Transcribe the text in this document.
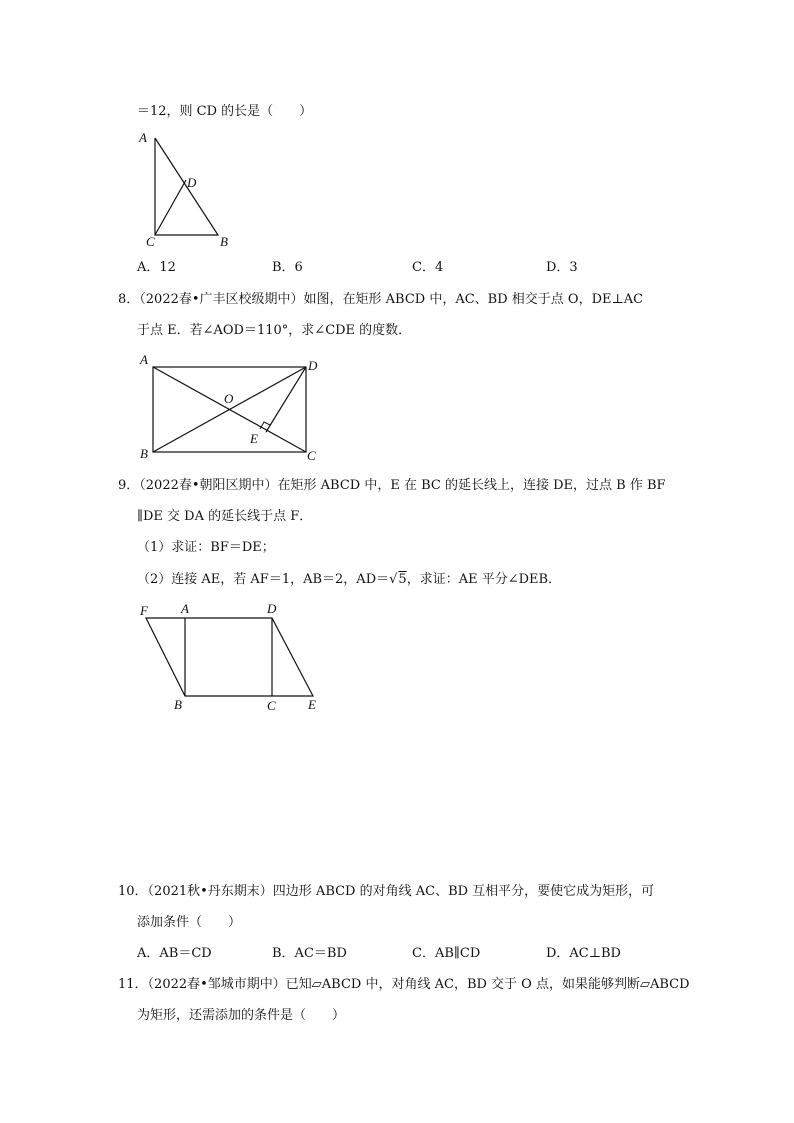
＝12，则 CD 的长是（　　）
A
D
C	B
A．12	B．6	C．4	D．3
8．（2022春•广丰区校级期中）如图，在矩形 ABCD 中，AC、BD 相交于点 O，DE⊥AC
于点 E．若∠AOD＝110°，求∠CDE 的度数．
A	D
O
E
B	C
9．（2022春•朝阳区期中）在矩形 ABCD 中，E 在 BC 的延长线上，连接 DE，过点 B 作 BF
∥DE 交 DA 的延长线于点 F．
（1）求证：BF＝DE；
（2）连接 AE，若 AF＝1，AB＝2，AD＝√5，求证：AE 平分∠DEB．
F	A	D
B	C E
10．（2021秋•丹东期末）四边形 ABCD 的对角线 AC、BD 互相平分，要使它成为矩形，可
添加条件（　　）
A．AB＝CD	B．AC＝BD	C．AB∥CD	D．AC⊥BD
11．（2022春•邹城市期中）已知▱ABCD 中，对角线 AC，BD 交于 O 点，如果能够判断▱ABCD
为矩形，还需添加的条件是（　　）
